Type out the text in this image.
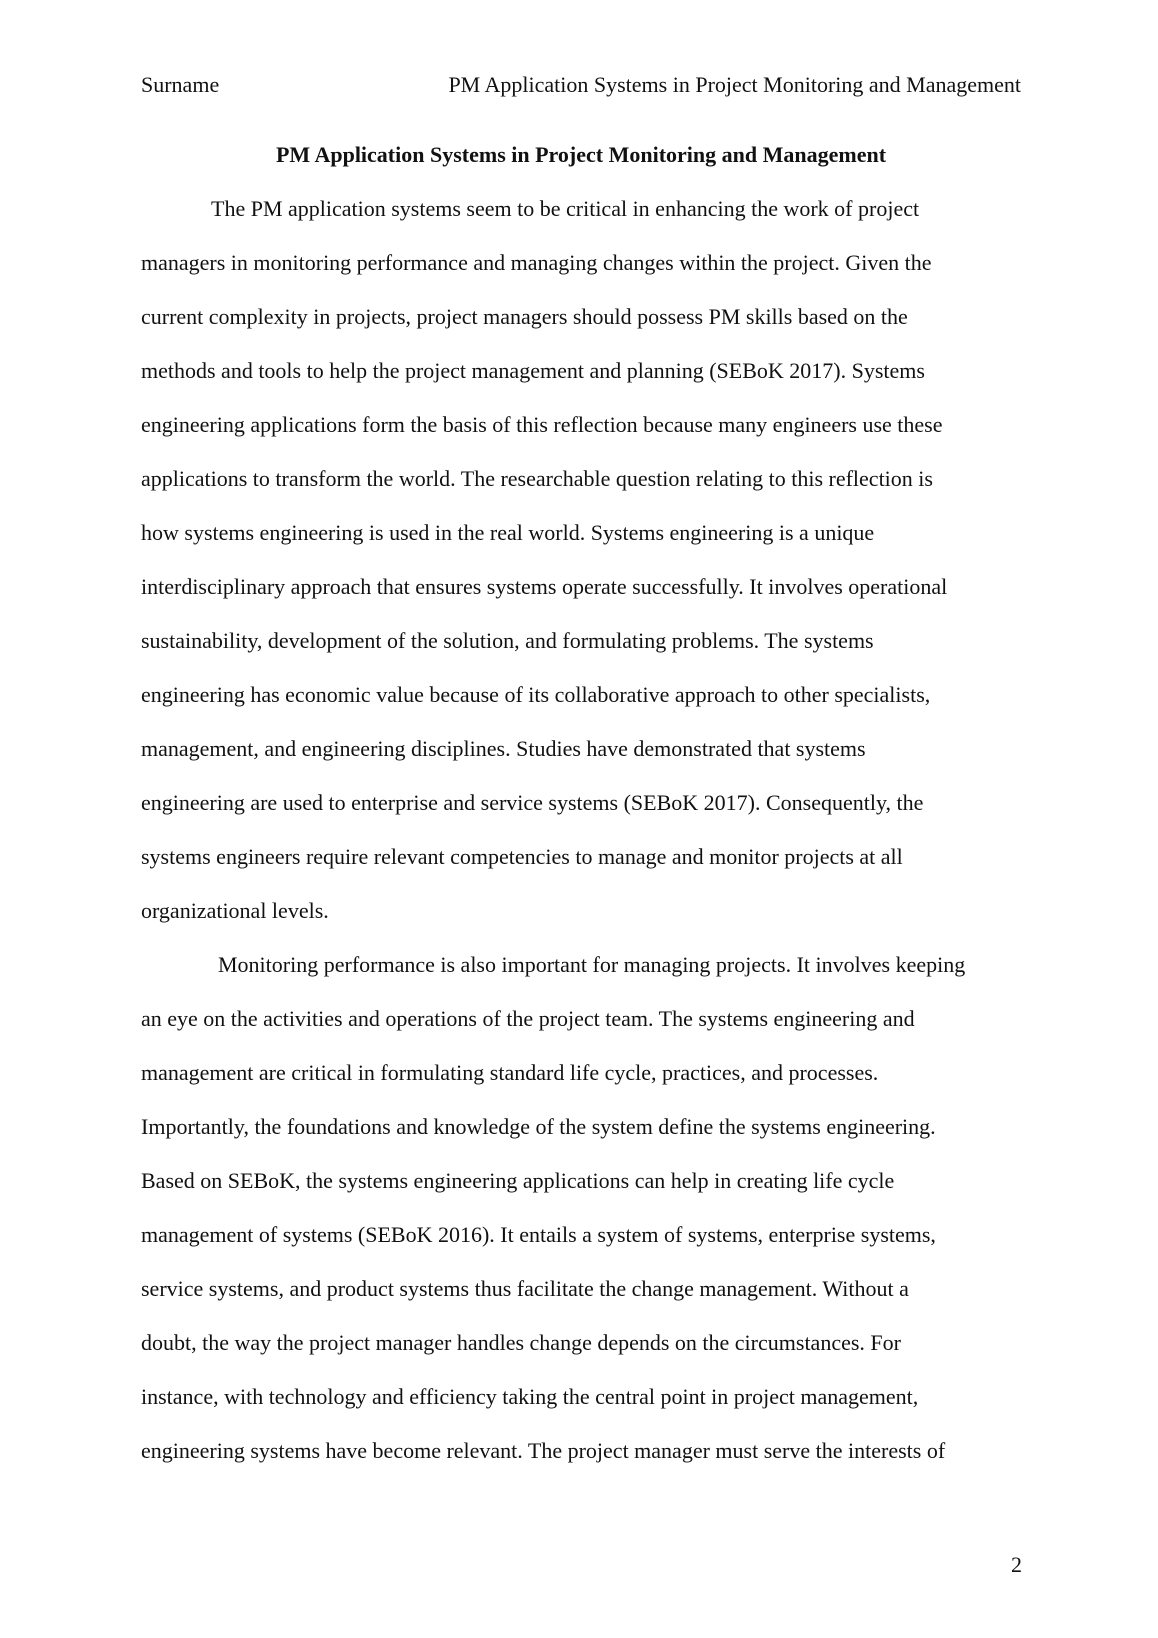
Surname	PM Application Systems in Project Monitoring and Management
PM Application Systems in Project Monitoring and Management
The PM application systems seem to be critical in enhancing the work of project
managers in monitoring performance and managing changes within the project. Given the
current complexity in projects, project managers should possess PM skills based on the
methods and tools to help the project management and planning (SEBoK 2017). Systems
engineering applications form the basis of this reflection because many engineers use these
applications to transform the world. The researchable question relating to this reflection is
how systems engineering is used in the real world. Systems engineering is a unique
interdisciplinary approach that ensures systems operate successfully. It involves operational
sustainability, development of the solution, and formulating problems. The systems
engineering has economic value because of its collaborative approach to other specialists,
management, and engineering disciplines. Studies have demonstrated that systems
engineering are used to enterprise and service systems (SEBoK 2017). Consequently, the
systems engineers require relevant competencies to manage and monitor projects at all
organizational levels.
Monitoring performance is also important for managing projects. It involves keeping
an eye on the activities and operations of the project team. The systems engineering and
management are critical in formulating standard life cycle, practices, and processes.
Importantly, the foundations and knowledge of the system define the systems engineering.
Based on SEBoK, the systems engineering applications can help in creating life cycle
management of systems (SEBoK 2016). It entails a system of systems, enterprise systems,
service systems, and product systems thus facilitate the change management. Without a
doubt, the way the project manager handles change depends on the circumstances. For
instance, with technology and efficiency taking the central point in project management,
engineering systems have become relevant. The project manager must serve the interests of
2
